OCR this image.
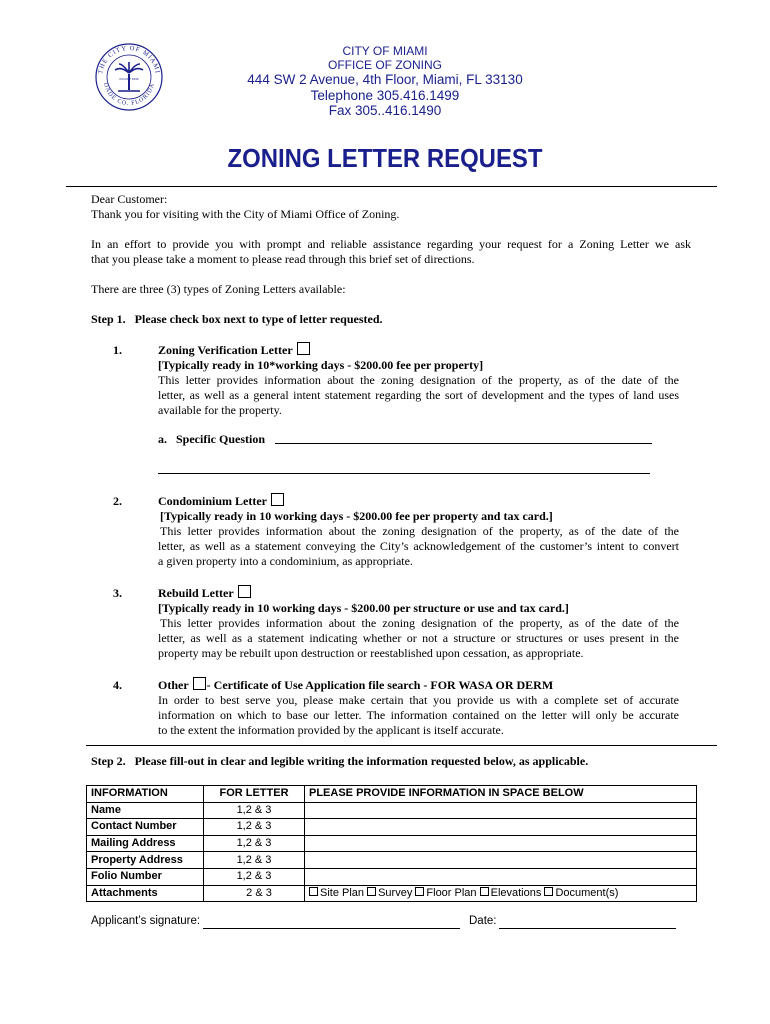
THE CITY OF MIAMI
DADE CO. FLORIDA
INCORP 1896
CITY OF MIAMI
OFFICE OF ZONING
444 SW 2 Avenue, 4th Floor, Miami, FL 33130
Telephone 305.416.1499
Fax 305..416.1490
ZONING LETTER REQUEST
Dear Customer:
Thank you for visiting with the City of Miami Office of Zoning.
In an effort to provide you with prompt and reliable assistance regarding your request for a Zoning Letter we ask
that you please take a moment to please read through this brief set of directions.
There are three (3) types of Zoning Letters available:
Step 1.   Please check box next to type of letter requested.
1.	Zoning Verification Letter
[Typically ready in 10*working days - $200.00 fee per property]
This letter provides information about the zoning designation of the property, as of the date of the
letter, as well as a general intent statement regarding the sort of development and the types of land uses
available for the property.
a.   Specific Question
2.	Condominium Letter
[Typically ready in 10 working days - $200.00 fee per property and tax card.]
This letter provides information about the zoning designation of the property, as of the date of the
letter, as well as a statement conveying the City’s acknowledgement of the customer’s intent to convert
a given property into a condominium, as appropriate.
3.	Rebuild Letter
[Typically ready in 10 working days - $200.00 per structure or use and tax card.]
This letter provides information about the zoning designation of the property, as of the date of the
letter, as well as a statement indicating whether or not a structure or structures or uses present in the
property may be rebuilt upon destruction or reestablished upon cessation, as appropriate.
4.	Other - Certificate of Use Application file search - FOR WASA OR DERM
In order to best serve you, please make certain that you provide us with a complete set of accurate
information on which to base our letter. The information contained on the letter will only be accurate
to the extent the information provided by the applicant is itself accurate.
Step 2.   Please fill-out in clear and legible writing the information requested below, as applicable.
INFORMATION	FOR LETTER	PLEASE PROVIDE INFORMATION IN SPACE BELOW
Name	1,2 & 3	
Contact Number	1,2 & 3	
Mailing Address	1,2 & 3	
Property Address	1,2 & 3	
Folio Number	1,2 & 3	
Attachments	2 & 3	Site Plan Survey Floor Plan Elevations Document(s)
Applicant’s signature:	Date:
